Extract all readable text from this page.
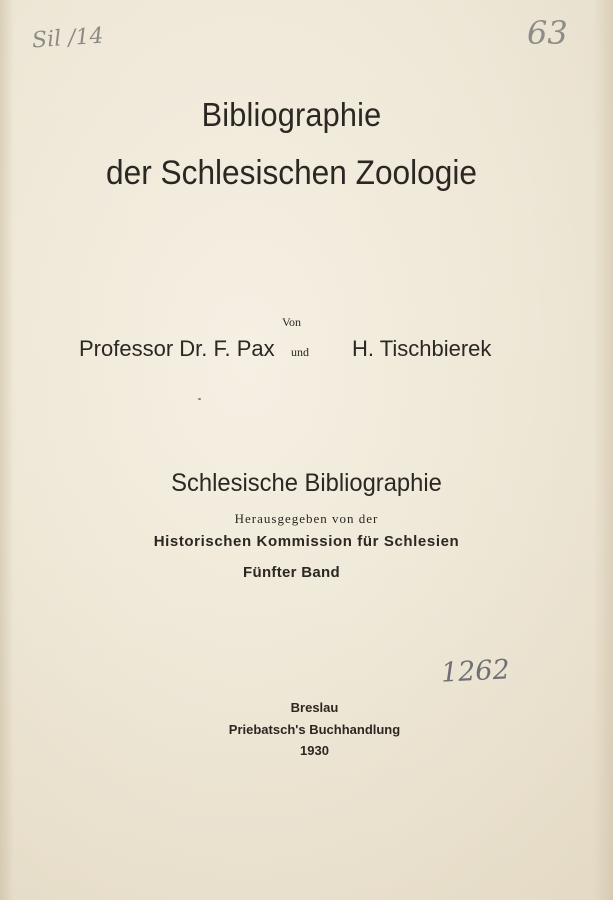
Sil /14	63
Bibliographie
der Schlesischen Zoologie
Von
Professor Dr. F. Pax und H. Tischbierek
Schlesische Bibliographie
Herausgegeben von der
Historischen Kommission für Schlesien
Fünfter Band
1262
Breslau
Priebatsch's Buchhandlung
1930
